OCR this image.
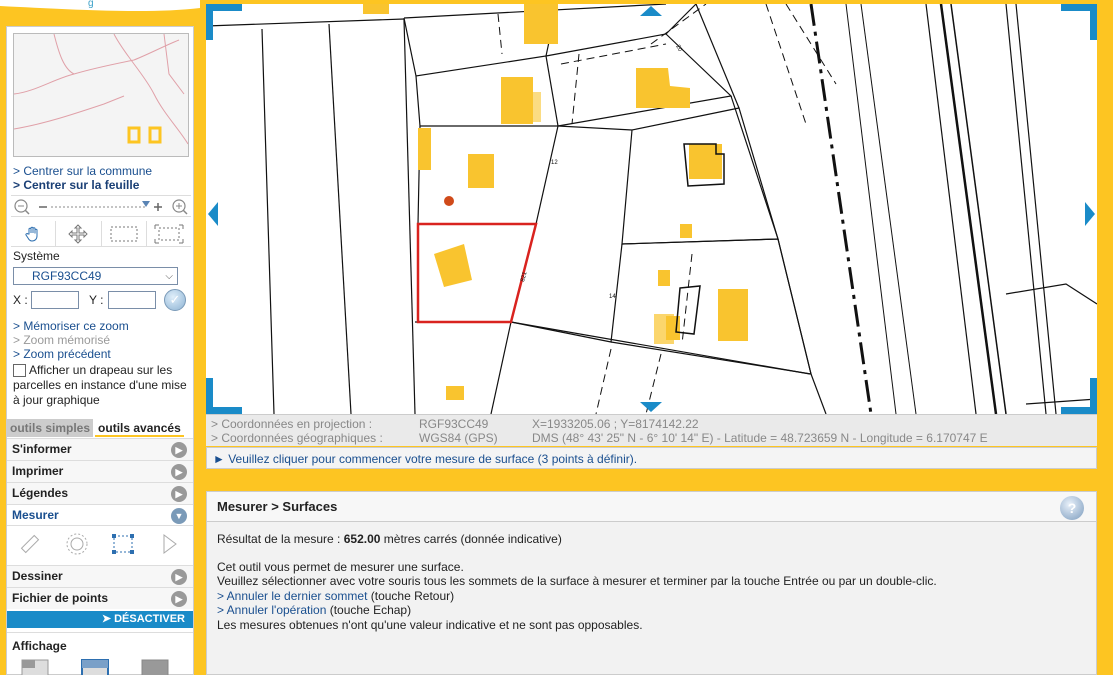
g
> Centrer sur la commune
> Centrer sur la feuille
Système
RGF93CC49	⌵
X :	Y :	✓
> Mémoriser ce zoom
> Zoom mémorisé
> Zoom précédent
Afficher un drapeau sur les parcelles en instance d'une mise à jour graphique
outils simples outils avancés
S'informer	▶
Imprimer	▶
Légendes	▶
Mesurer	▼
Dessiner	▶
Fichier de points	▶
➤ DÉSACTIVER
Affichage
20
821
14
12
> Coordonnées en projection :	RGF93CC49	X=1933205.06 ; Y=8174142.22
> Coordonnées géographiques :	WGS84 (GPS)	DMS (48° 43' 25" N - 6° 10' 14" E) - Latitude = 48.723659 N - Longitude = 6.170747 E
► Veuillez cliquer pour commencer votre mesure de surface (3 points à définir).
Mesurer > Surfaces	?
Résultat de la mesure : 652.00 mètres carrés (donnée indicative)
Cet outil vous permet de mesurer une surface.
Veuillez sélectionner avec votre souris tous les sommets de la surface à mesurer et terminer par la touche Entrée ou par un double-clic.
> Annuler le dernier sommet (touche Retour)
> Annuler l'opération (touche Echap)
Les mesures obtenues n'ont qu'une valeur indicative et ne sont pas opposables.
